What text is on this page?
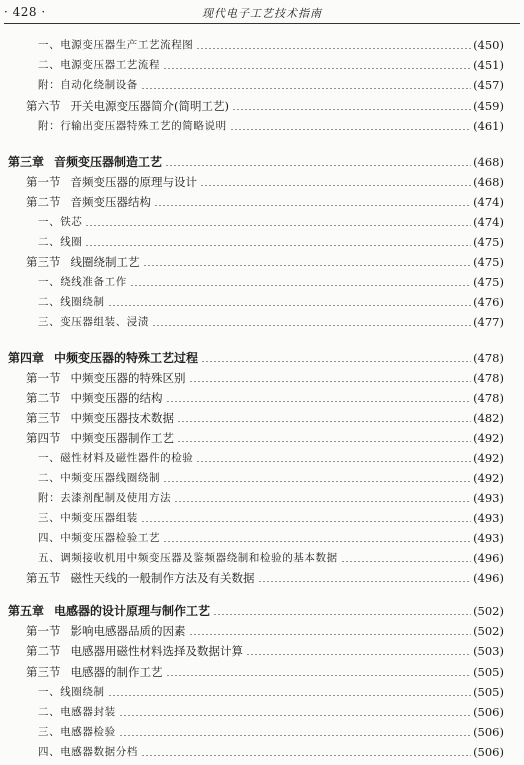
· 428 ·	现代电子工艺技术指南
一、电源变压器生产工艺流程图	(450)
二、电源变压器工艺流程	(451)
附：自动化绕制设备	(457)
第六节 开关电源变压器简介(简明工艺)	(459)
附：行输出变压器特殊工艺的简略说明	(461)
第三章 音频变压器制造工艺	(468)
第一节 音频变压器的原理与设计	(468)
第二节 音频变压器结构	(474)
一、铁芯	(474)
二、线圈	(475)
第三节 线圈绕制工艺	(475)
一、绕线准备工作	(475)
二、线圈绕制	(476)
三、变压器组装、浸渍	(477)
第四章 中频变压器的特殊工艺过程	(478)
第一节 中频变压器的特殊区别	(478)
第二节 中频变压器的结构	(478)
第三节 中频变压器技术数据	(482)
第四节 中频变压器制作工艺	(492)
一、磁性材料及磁性器件的检验	(492)
二、中频变压器线圈绕制	(492)
附：去漆剂配制及使用方法	(493)
三、中频变压器组装	(493)
四、中频变压器检验工艺	(493)
五、调频接收机用中频变压器及鉴频器绕制和检验的基本数据	(496)
第五节 磁性天线的一般制作方法及有关数据	(496)
第五章 电感器的设计原理与制作工艺	(502)
第一节 影响电感器品质的因素	(502)
第二节 电感器用磁性材料选择及数据计算	(503)
第三节 电感器的制作工艺	(505)
一、线圈绕制	(505)
二、电感器封装	(506)
三、电感器检验	(506)
四、电感器数据分档	(506)
